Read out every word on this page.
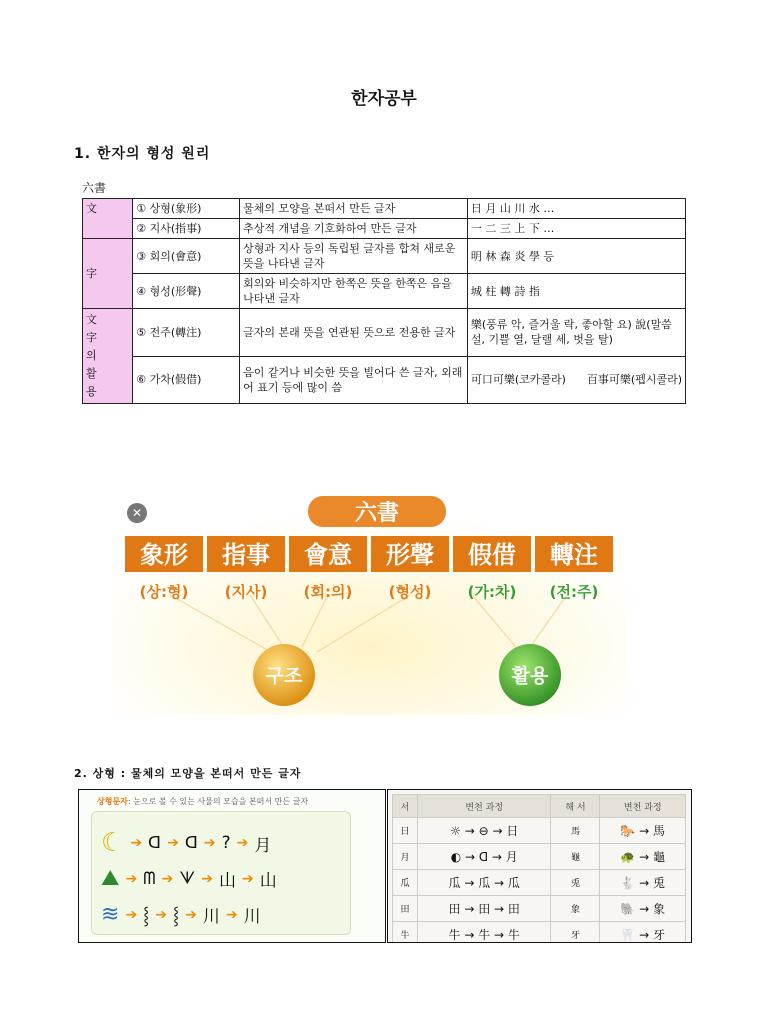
한자공부
1. 한자의 형성 원리
六書
文	① 상형(象形)	물체의 모양을 본떠서 만든 글자	日 月 山 川 水 …
	② 지사(指事)	추상적 개념을 기호화하여 만든 글자	一 二 三 上 下 …
字	③ 회의(會意)	상형과 지사 등의 독립된 글자를 합쳐 새로운 뜻을 나타낸 글자	明 林 森 炎 學 등
	④ 형성(形聲)	회의와 비슷하지만 한쪽은 뜻을 한쪽은 음을 나타낸 글자	城 柱 轉 詩 指
文
字
의
활
용	⑤ 전주(轉注)	글자의 본래 뜻을 연관된 뜻으로 전용한 글자	樂(풍류 악, 즐거울 락, 좋아할 요) 說(말씀 설, 기쁠 열, 달랠 세, 벗을 탈)
	⑥ 가차(假借)	음이 같거나 비슷한 뜻을 빌어다 쓴 글자, 외래어 표기 등에 많이 씀	可口可樂(코카콜라)      百事可樂(펩시콜라)
✕	六書
象形
(상:형)
指事
(지사)
會意
(회:의)
形聲
(형성)
假借
(가:차)
轉注
(전:주)
구조	활용
2. 상형 : 물체의 모양을 본떠서 만든 글자
상형문자: 눈으로 볼 수 있는 사물의 모습을 본떠서 만든 글자
☾ ➔ ᗡ ➔ ᗡ ➔ ? ➔ 月
⛰ ➔ ᗰ ➔ ᗐ ➔ 山 ➔ 山
≋ ➔ ⸾ ➔ ⸾ ➔ 川 ➔ 川
서	변천 과정	해 서	변천 과정
日	☼ → ⊖ → 日	馬	🐎 → 馬
月	◐ → ᗡ → 月	龜	🐢 → 龜
瓜	瓜 → 瓜 → 瓜	兎	🐇 → 兎
田	田 → 田 → 田	象	🐘 → 象
牛	牛 → 牛 → 牛	牙	🦷 → 牙
